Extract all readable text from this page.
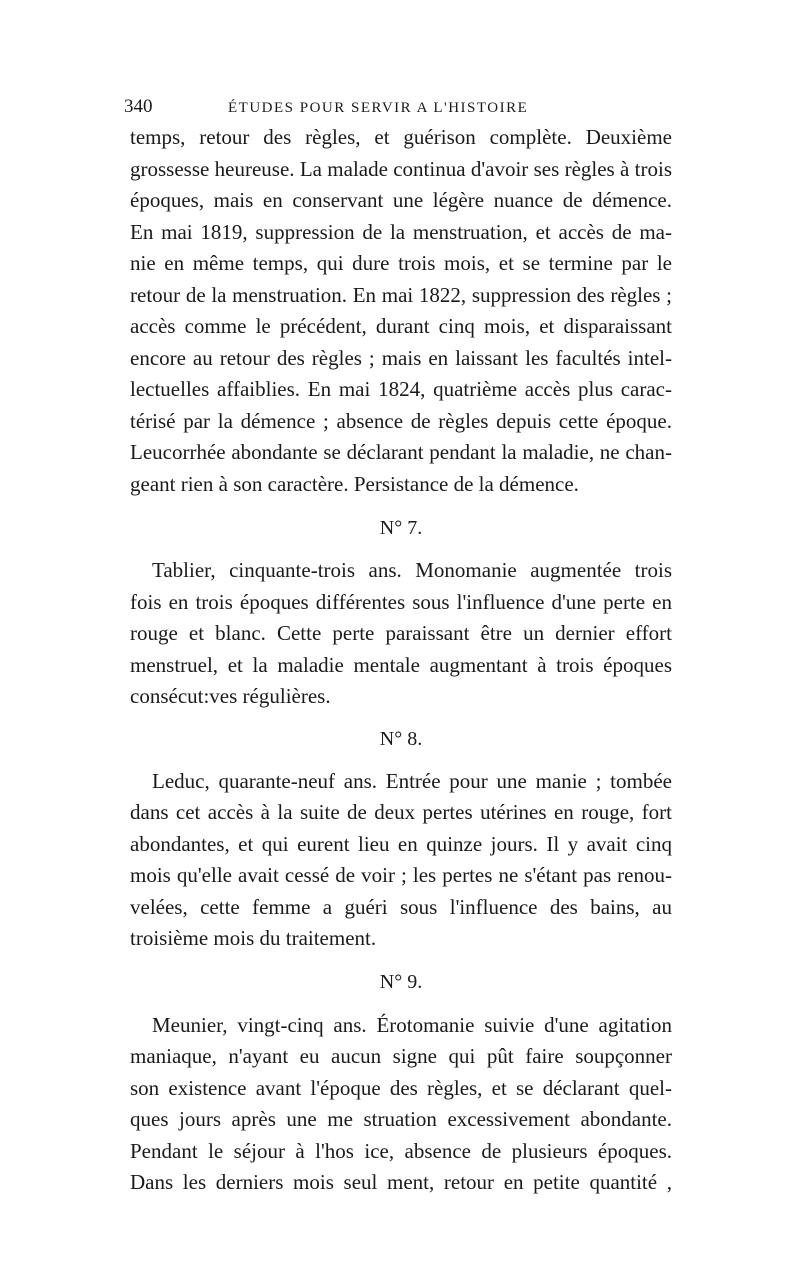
340	ÉTUDES POUR SERVIR A L'HISTOIRE

temps, retour des règles, et guérison complète. Deuxième
grossesse heureuse. La malade continua d'avoir ses règles à trois
époques, mais en conservant une légère nuance de démence.
En mai 1819, suppression de la menstruation, et accès de ma-
nie en même temps, qui dure trois mois, et se termine par le
retour de la menstruation. En mai 1822, suppression des règles ;
accès comme le précédent, durant cinq mois, et disparaissant
encore au retour des règles ; mais en laissant les facultés intel-
lectuelles affaiblies. En mai 1824, quatrième accès plus carac-
térisé par la démence ; absence de règles depuis cette époque.
Leucorrhée abondante se déclarant pendant la maladie, ne chan-
geant rien à son caractère. Persistance de la démence.

N° 7.

Tablier, cinquante-trois ans. Monomanie augmentée trois
fois en trois époques différentes sous l'influence d'une perte en
rouge et blanc. Cette perte paraissant être un dernier effort
menstruel, et la maladie mentale augmentant à trois époques
consécut:ves régulières.

N° 8.

Leduc, quarante-neuf ans. Entrée pour une manie ; tombée
dans cet accès à la suite de deux pertes utérines en rouge, fort
abondantes, et qui eurent lieu en quinze jours. Il y avait cinq
mois qu'elle avait cessé de voir ; les pertes ne s'étant pas renou-
velées, cette femme a guéri sous l'influence des bains, au
troisième mois du traitement.

N° 9.

Meunier, vingt-cinq ans. Érotomanie suivie d'une agitation
maniaque, n'ayant eu aucun signe qui pût faire soupçonner
son existence avant l'époque des règles, et se déclarant quel-
ques jours après une me struation excessivement abondante.
Pendant le séjour à l'hos ice, absence de plusieurs époques.
Dans les derniers mois seul ment, retour en petite quantité ,
